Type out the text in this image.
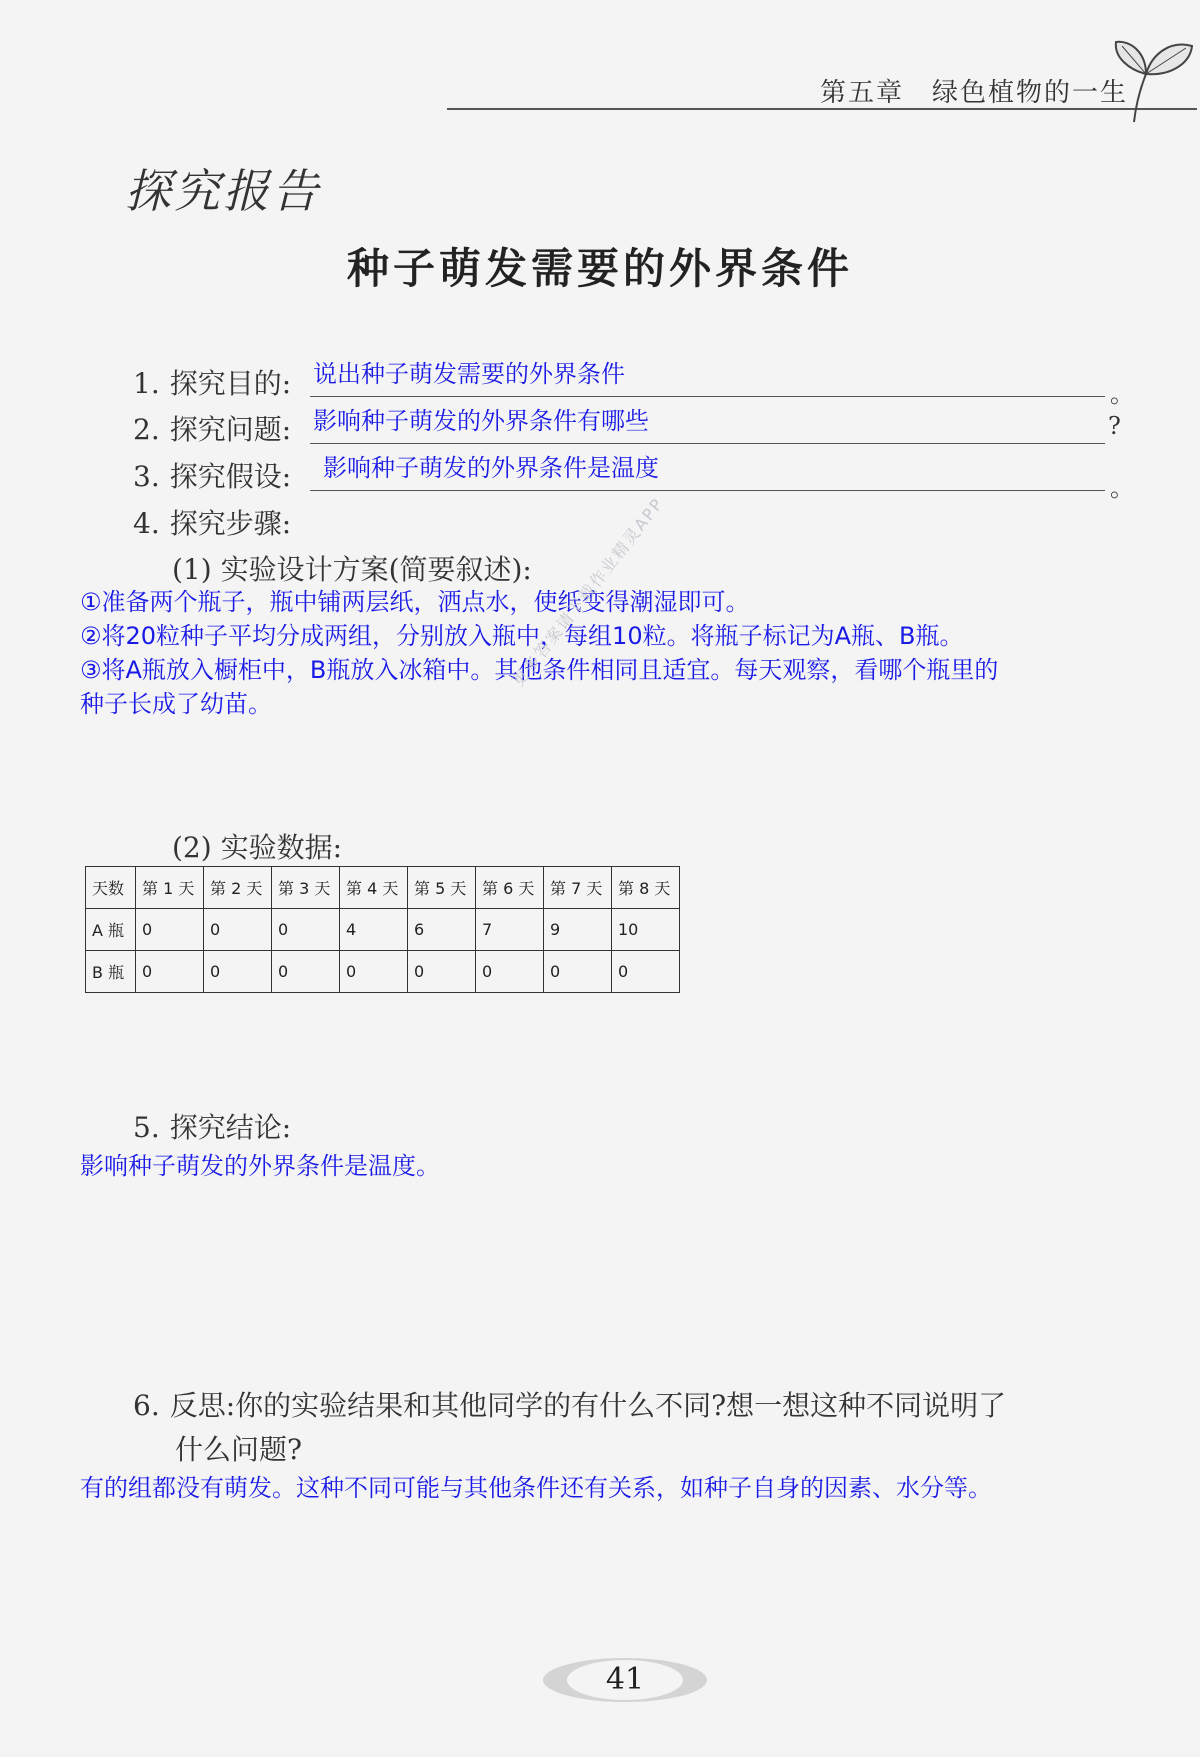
第五章 绿色植物的一生
探究报告
种子萌发需要的外界条件
1. 探究目的: 说出种子萌发需要的外界条件
。
2. 探究问题: 影响种子萌发的外界条件有哪些	?
3. 探究假设: 影响种子萌发的外界条件是温度
。
4. 探究步骤:
(1) 实验设计方案(简要叙述):
①准备两个瓶子，瓶中铺两层纸，洒点水，使纸变得潮湿即可。
②将20粒种子平均分成两组，分别放入瓶中，每组10粒。将瓶子标记为A瓶、B瓶。
③将A瓶放入橱柜中，B瓶放入冰箱中。其他条件相同且适宜。每天观察，看哪个瓶里的
种子长成了幼苗。
更多答案请下载作业精灵APP
(2) 实验数据:
天数	第 1 天	第 2 天	第 3 天	第 4 天	第 5 天	第 6 天	第 7 天	第 8 天
A 瓶	0	0	0	4	6	7	9	10
B 瓶	0	0	0	0	0	0	0	0
5. 探究结论:
影响种子萌发的外界条件是温度。
6. 反思:你的实验结果和其他同学的有什么不同?想一想这种不同说明了
什么问题?
有的组都没有萌发。这种不同可能与其他条件还有关系，如种子自身的因素、水分等。
41
